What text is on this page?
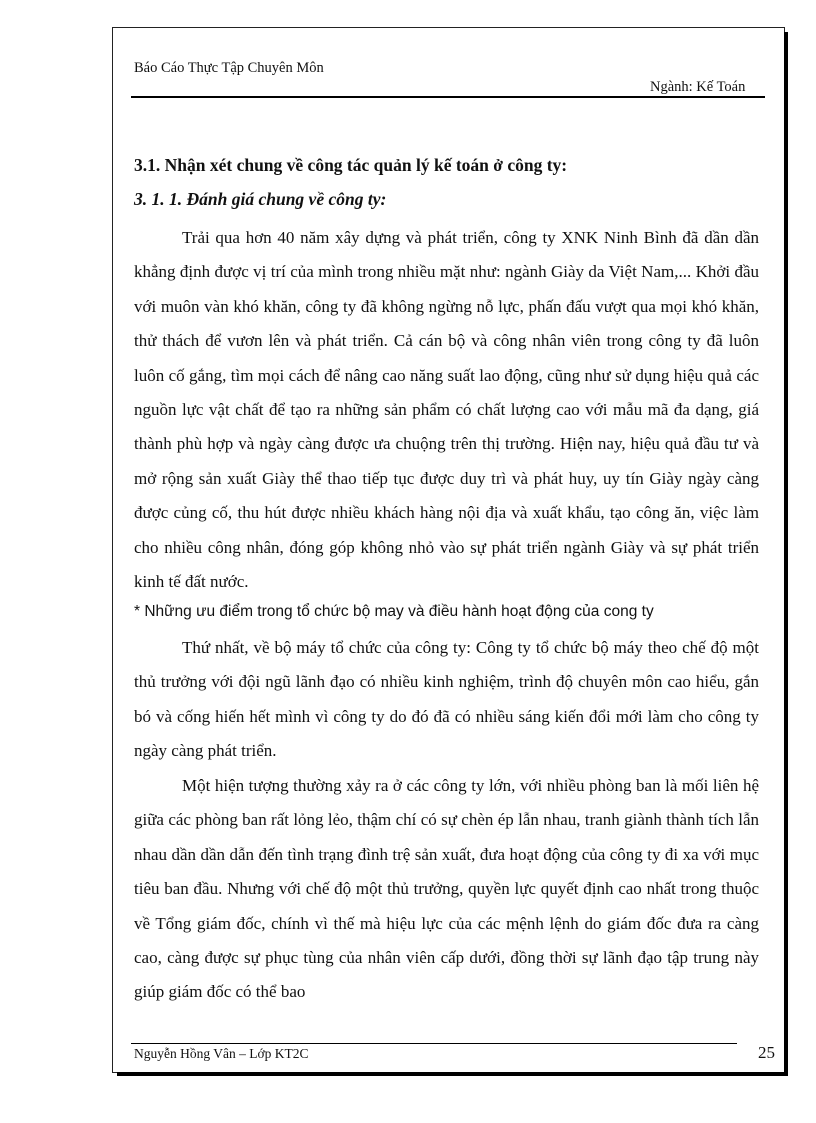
Báo Cáo Thực Tập Chuyên Môn
Ngành: Kế Toán
3.1. Nhận xét chung về công tác quản lý kế toán ở công ty:
3. 1. 1. Đánh giá chung về công ty:

Trải qua hơn 40 năm xây dựng và phát triển, công ty XNK Ninh Bình đã dần dần khẳng định được vị trí của mình trong nhiều mặt như: ngành Giày da Việt Nam,... Khởi đầu với muôn vàn khó khăn, công ty đã không ngừng nỗ lực, phấn đấu vượt qua mọi khó khăn, thử thách để vươn lên và phát triển. Cả cán bộ và công nhân viên trong công ty đã luôn luôn cố gắng, tìm mọi cách để nâng cao năng suất lao động, cũng như sử dụng hiệu quả các nguồn lực vật chất để tạo ra những sản phẩm có chất lượng cao với mẫu mã đa dạng, giá thành phù hợp và ngày càng được ưa chuộng trên thị trường. Hiện nay, hiệu quả đầu tư và mở rộng sản xuất Giày thể thao tiếp tục được duy trì và phát huy, uy tín Giày ngày càng được củng cố, thu hút được nhiều khách hàng nội địa và xuất khẩu, tạo công ăn, việc làm cho nhiều công nhân, đóng góp không nhỏ vào sự phát triển ngành Giày và sự phát triển kinh tế đất nước.

* Những ưu điểm trong tổ chức bộ may và điều hành hoạt động của cong ty

Thứ nhất, về bộ máy tổ chức của công ty: Công ty tổ chức bộ máy theo chế độ một thủ trưởng với đội ngũ lãnh đạo có nhiều kinh nghiệm, trình độ chuyên môn cao hiểu, gắn bó và cống hiến hết mình vì công ty do đó đã có nhiều sáng kiến đổi mới làm cho công ty ngày càng phát triển.

Một hiện tượng thường xảy ra ở các công ty lớn, với nhiều phòng ban là mối liên hệ giữa các phòng ban rất lỏng lẻo, thậm chí có sự chèn ép lẫn nhau, tranh giành thành tích lẫn nhau dần dần dẫn đến tình trạng đình trệ sản xuất, đưa hoạt động của công ty đi xa với mục tiêu ban đầu. Nhưng với chế độ một thủ trưởng, quyền lực quyết định cao nhất trong thuộc về Tổng giám đốc, chính vì thế mà hiệu lực của các mệnh lệnh do giám đốc đưa ra càng cao, càng được sự phục tùng của nhân viên cấp dưới, đồng thời sự lãnh đạo tập trung này giúp giám đốc có thể bao

Nguyễn Hồng Vân – Lớp KT2C	25
